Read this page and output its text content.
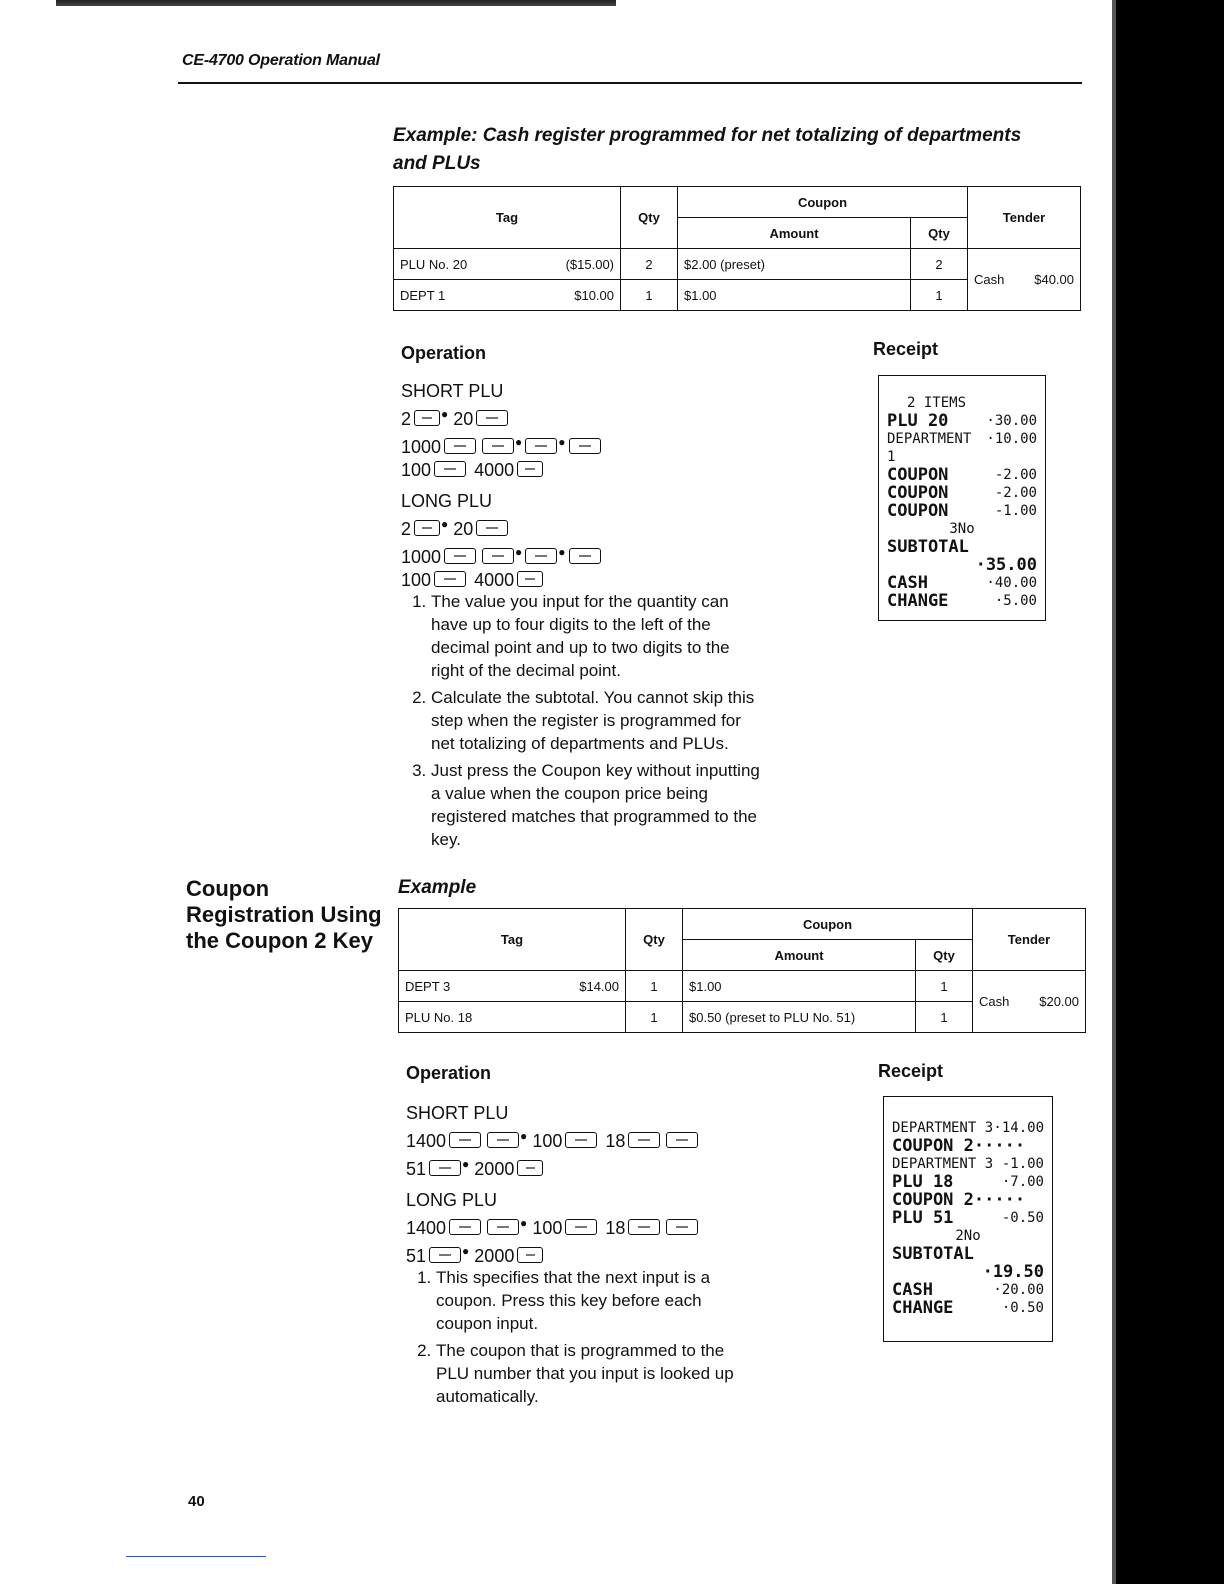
CE-4700 Operation Manual
Example: Cash register programmed for net totalizing of departments
and PLUs
Tag	Qty	Coupon		Tender
		Amount	Qty	

PLU No. 20 ($15.00)	2	$2.00 (preset)	2	Cash $40.00

DEPT 1 $10.00	1	$1.00	1	
Operation	Receipt
SHORT PLU
2	● 20
1000	●	●
100 4000
LONG PLU
2	● 20
1000	●	●
100 4000
1. The value you input for the quantity can have up to four digits to the left of the decimal point and up to two digits to the right of the decimal point.
2. Calculate the subtotal. You cannot skip this step when the register is programmed for net totalizing of departments and PLUs.
3. Just press the Coupon key without inputting a value when the coupon price being registered matches that programmed to the key.
2 ITEMS
PLU 20	·30.00
DEPARTMENT 1
·10.00
COUPON	-2.00
COUPON	-2.00
COUPON	-1.00
3No
SUBTOTAL
·35.00
CASH	·40.00
CHANGE	·5.00
Coupon
Registration Using
the Coupon 2 Key
Example
Tag	Qty	Coupon		Tender
		Amount	Qty	

DEPT 3 $14.00	1	$1.00	1	Cash $20.00

PLU No. 18	1	$0.50 (preset to PLU No. 51)	1	
Operation	Receipt
SHORT PLU
1400	● 100 18
51	● 2000
LONG PLU
1400	● 100 18
51	● 2000
1. This specifies that the next input is a coupon. Press this key before each coupon input.
2. The coupon that is programmed to the PLU number that you input is looked up automatically.
DEPARTMENT 3 ·14.00
COUPON 2·····
DEPARTMENT 3 -1.00
PLU 18	·7.00
COUPON 2·····
PLU 51	-0.50
2No
SUBTOTAL
·19.50
CASH	·20.00
CHANGE	·0.50
40
